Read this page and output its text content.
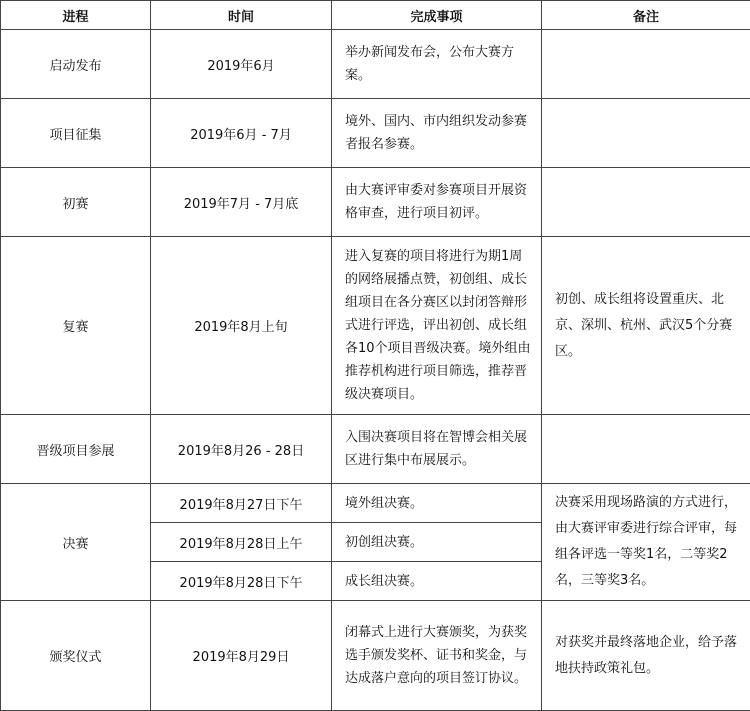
进程	时间	完成事项	备注
启动发布	2019年6月	举办新闻发布会，公布大赛方案。	
项目征集	2019年6月 - 7月	境外、国内、市内组织发动参赛者报名参赛。	
初赛	2019年7月 - 7月底	由大赛评审委对参赛项目开展资格审查，进行项目初评。	
复赛	2019年8月上旬	进入复赛的项目将进行为期1周的网络展播点赞，初创组、成长组项目在各分赛区以封闭答辩形式进行评选，评出初创、成长组各10个项目晋级决赛。境外组由推荐机构进行项目筛选，推荐晋级决赛项目。	初创、成长组将设置重庆、北京、深圳、杭州、武汉5个分赛区。
晋级项目参展	2019年8月26 - 28日	入围决赛项目将在智博会相关展区进行集中布展展示。	
决赛	2019年8月27日下午	境外组决赛。	决赛采用现场路演的方式进行，由大赛评审委进行综合评审，每组各评选一等奖1名，二等奖2名，三等奖3名。
	2019年8月28日上午	初创组决赛。	
	2019年8月28日下午	成长组决赛。	
颁奖仪式	2019年8月29日	闭幕式上进行大赛颁奖，为获奖选手颁发奖杯、证书和奖金，与达成落户意向的项目签订协议。	对获奖并最终落地企业，给予落地扶持政策礼包。
